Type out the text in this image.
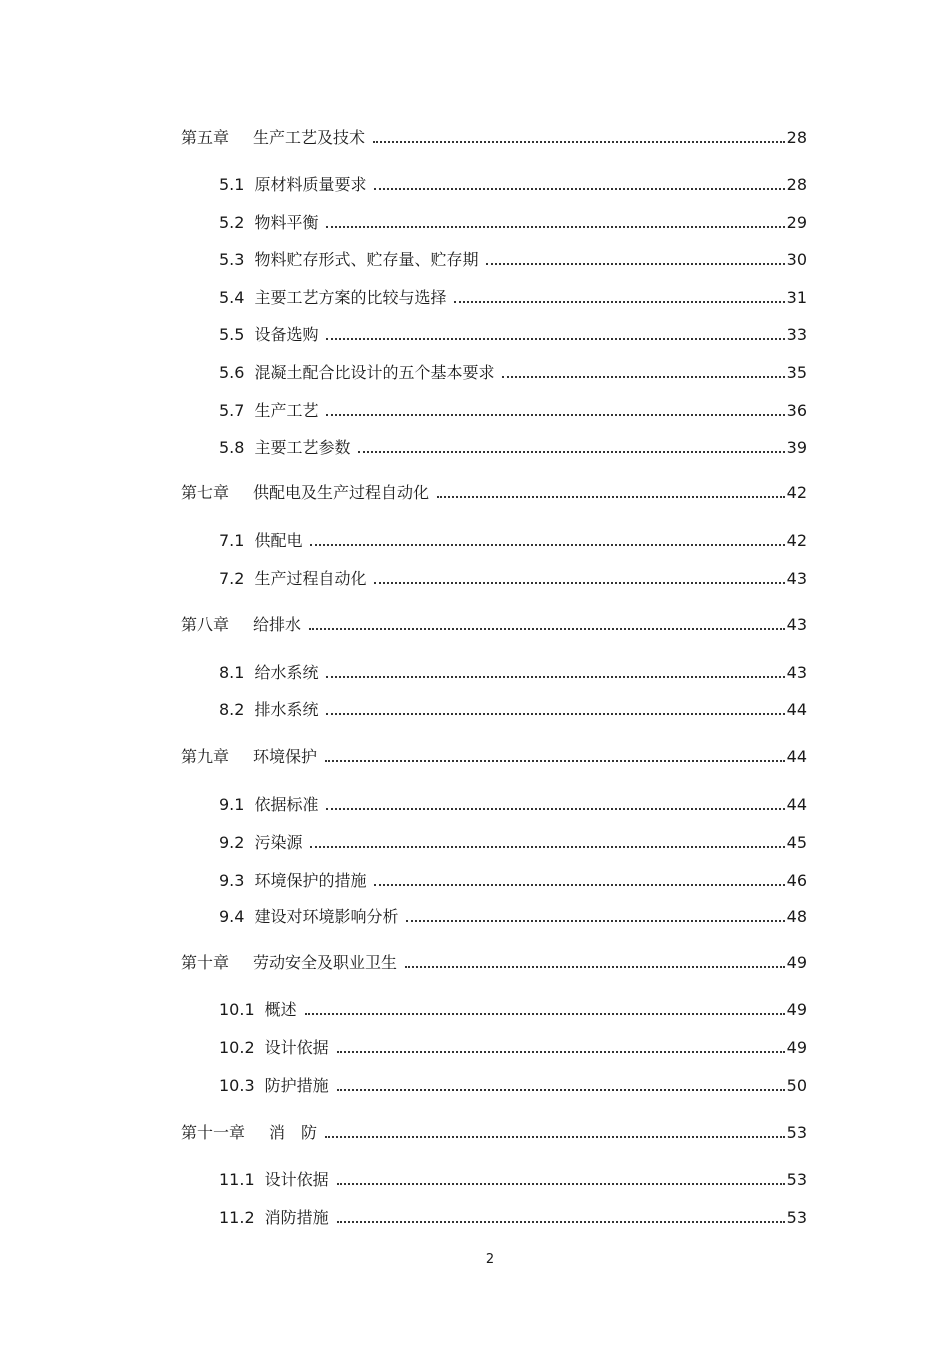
第五章 生产工艺及技术	28
5.1 原材料质量要求	28
5.2 物料平衡	29
5.3 物料贮存形式、贮存量、贮存期	30
5.4 主要工艺方案的比较与选择	31
5.5 设备选购	33
5.6 混凝土配合比设计的五个基本要求	35
5.7 生产工艺	36
5.8 主要工艺参数	39
第七章 供配电及生产过程自动化	42
7.1 供配电	42
7.2 生产过程自动化	43
第八章 给排水	43
8.1 给水系统	43
8.2 排水系统	44
第九章 环境保护	44
9.1 依据标准	44
9.2 污染源	45
9.3 环境保护的措施	46
9.4 建设对环境影响分析	48
第十章 劳动安全及职业卫生	49
10.1 概述	49
10.2 设计依据	49
10.3 防护措施	50
第十一章 消　防	53
11.1 设计依据	53
11.2 消防措施	53
2
